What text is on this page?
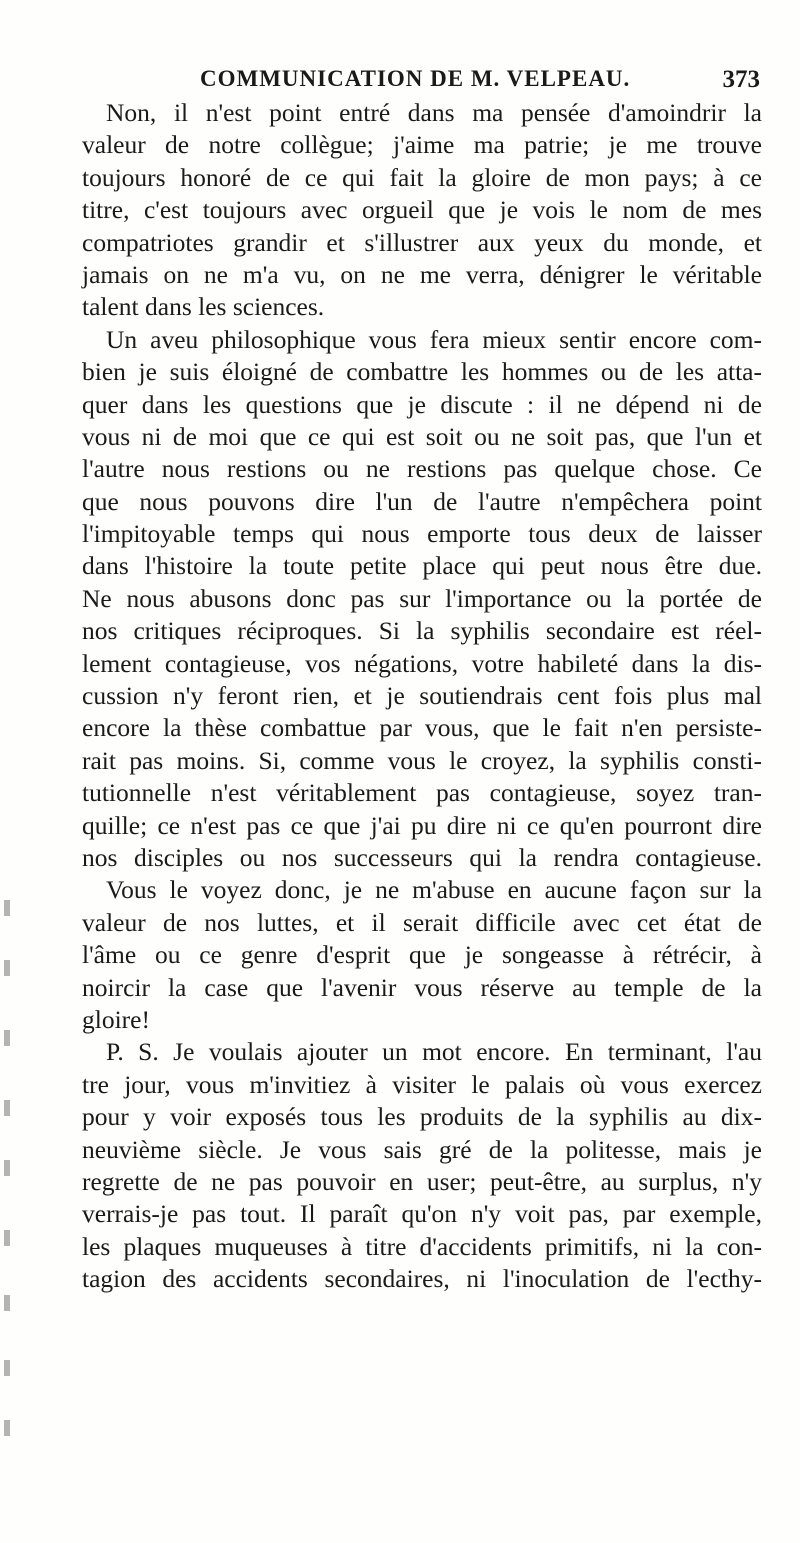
COMMUNICATION DE M. VELPEAU.	373
Non, il n'est point entré dans ma pensée d'amoindrir la
valeur de notre collègue; j'aime ma patrie; je me trouve
toujours honoré de ce qui fait la gloire de mon pays; à ce
titre, c'est toujours avec orgueil que je vois le nom de mes
compatriotes grandir et s'illustrer aux yeux du monde, et
jamais on ne m'a vu, on ne me verra, dénigrer le véritable
talent dans les sciences.
Un aveu philosophique vous fera mieux sentir encore com-
bien je suis éloigné de combattre les hommes ou de les atta-
quer dans les questions que je discute : il ne dépend ni de
vous ni de moi que ce qui est soit ou ne soit pas, que l'un et
l'autre nous restions ou ne restions pas quelque chose. Ce
que nous pouvons dire l'un de l'autre n'empêchera point
l'impitoyable temps qui nous emporte tous deux de laisser
dans l'histoire la toute petite place qui peut nous être due.
Ne nous abusons donc pas sur l'importance ou la portée de
nos critiques réciproques. Si la syphilis secondaire est réel-
lement contagieuse, vos négations, votre habileté dans la dis-
cussion n'y feront rien, et je soutiendrais cent fois plus mal
encore la thèse combattue par vous, que le fait n'en persiste-
rait pas moins. Si, comme vous le croyez, la syphilis consti-
tutionnelle n'est véritablement pas contagieuse, soyez tran-
quille; ce n'est pas ce que j'ai pu dire ni ce qu'en pourront dire
nos disciples ou nos successeurs qui la rendra contagieuse.
Vous le voyez donc, je ne m'abuse en aucune façon sur la
valeur de nos luttes, et il serait difficile avec cet état de
l'âme ou ce genre d'esprit que je songeasse à rétrécir, à
noircir la case que l'avenir vous réserve au temple de la
gloire!
P. S. Je voulais ajouter un mot encore. En terminant, l'au
tre jour, vous m'invitiez à visiter le palais où vous exercez
pour y voir exposés tous les produits de la syphilis au dix-
neuvième siècle. Je vous sais gré de la politesse, mais je
regrette de ne pas pouvoir en user; peut-être, au surplus, n'y
verrais-je pas tout. Il paraît qu'on n'y voit pas, par exemple,
les plaques muqueuses à titre d'accidents primitifs, ni la con-
tagion des accidents secondaires, ni l'inoculation de l'ecthy-
